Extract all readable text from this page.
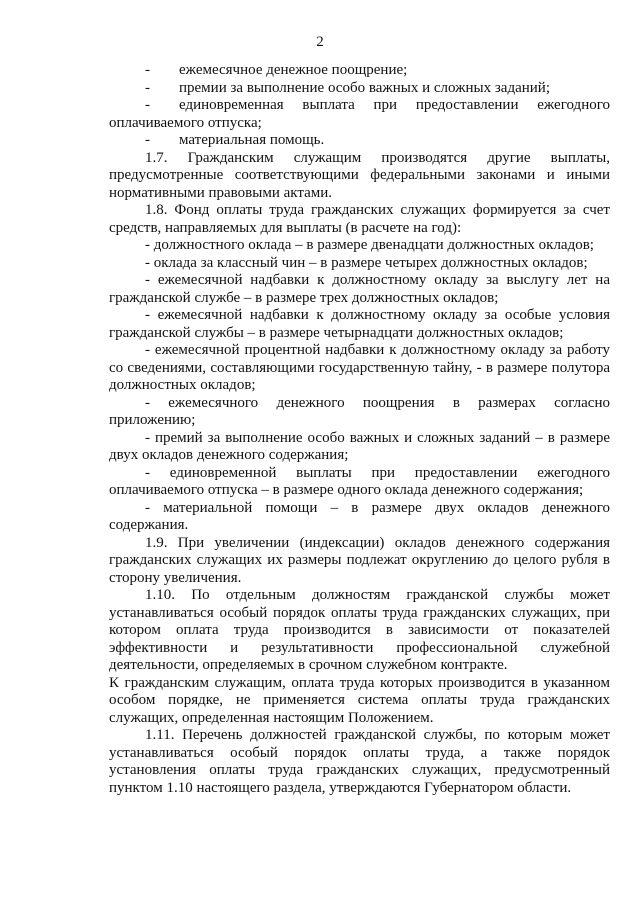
2

- ежемесячное денежное поощрение;

- премии за выполнение особо важных и сложных заданий;

- единовременная выплата при предоставлении ежегодного оплачиваемого отпуска;

- материальная помощь.

1.7. Гражданским служащим производятся другие выплаты, предусмотренные соответствующими федеральными законами и иными нормативными правовыми актами.

1.8. Фонд оплаты труда гражданских служащих формируется за счет средств, направляемых для выплаты (в расчете на год):

- должностного оклада – в размере двенадцати должностных окладов;

- оклада за классный чин – в размере четырех должностных окладов;

- ежемесячной надбавки к должностному окладу за выслугу лет на гражданской службе – в размере трех должностных окладов;

- ежемесячной надбавки к должностному окладу за особые условия гражданской службы – в размере четырнадцати должностных окладов;

- ежемесячной процентной надбавки к должностному окладу за работу со сведениями, составляющими государственную тайну, - в размере полутора должностных окладов;

- ежемесячного денежного поощрения в размерах согласно приложению;

- премий за выполнение особо важных и сложных заданий – в размере двух окладов денежного содержания;

- единовременной выплаты при предоставлении ежегодного оплачиваемого отпуска – в размере одного оклада денежного содержания;

- материальной помощи – в размере двух окладов денежного содержания.

1.9. При увеличении (индексации) окладов денежного содержания гражданских служащих их размеры подлежат округлению до целого рубля в сторону увеличения.

1.10. По отдельным должностям гражданской службы может устанавливаться особый порядок оплаты труда гражданских служащих, при котором оплата труда производится в зависимости от показателей эффективности и результативности профессиональной служебной деятельности, определяемых в срочном служебном контракте.

К гражданским служащим, оплата труда которых производится в указанном особом порядке, не применяется система оплаты труда гражданских служащих, определенная настоящим Положением.

1.11. Перечень должностей гражданской службы, по которым может устанавливаться особый порядок оплаты труда, а также порядок установления оплаты труда гражданских служащих, предусмотренный пунктом 1.10 настоящего раздела, утверждаются Губернатором области.
